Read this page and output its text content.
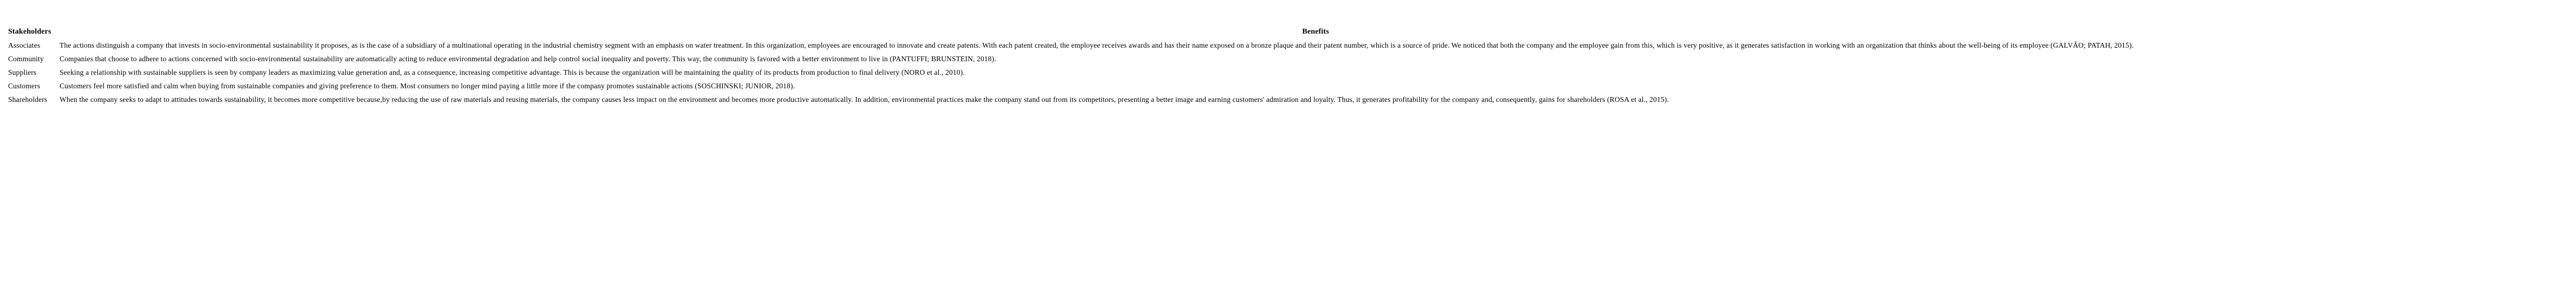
Stakeholders	Benefits
Associates	The actions distinguish a company that invests in socio-environmental sustainability it proposes, as is the case of a subsidiary of a multinational operating in the industrial chemistry segment with an emphasis on water treatment. In this organization, employees are encouraged to innovate and create patents. With each patent created, the employee receives awards and has their name exposed on a bronze plaque and their patent number, which is a source of pride. We noticed that both the company and the employee gain from this, which is very positive, as it generates satisfaction in working with an organization that thinks about the well-being of its employee (GALVÃO; PATAH, 2015).
Community	Companies that choose to adhere to actions concerned with socio-environmental sustainability are automatically acting to reduce environmental degradation and help control social inequality and poverty. This way, the community is favored with a better environment to live in (PANTUFFI; BRUNSTEIN, 2018).
Suppliers	Seeking a relationship with sustainable suppliers is seen by company leaders as maximizing value generation and, as a consequence, increasing competitive advantage. This is because the organization will be maintaining the quality of its products from production to final delivery (NORO et al., 2010).
Customers	Customers feel more satisfied and calm when buying from sustainable companies and giving preference to them. Most consumers no longer mind paying a little more if the company promotes sustainable actions (SOSCHINSKI; JUNIOR, 2018).
Shareholders	When the company seeks to adapt to attitudes towards sustainability, it becomes more competitive because,by reducing the use of raw materials and reusing materials, the company causes less impact on the environment and becomes more productive automatically. In addition, environmental practices make the company stand out from its competitors, presenting a better image and earning customers' admiration and loyalty. Thus, it generates profitability for the company and, consequently, gains for shareholders (ROSA et al., 2015).
